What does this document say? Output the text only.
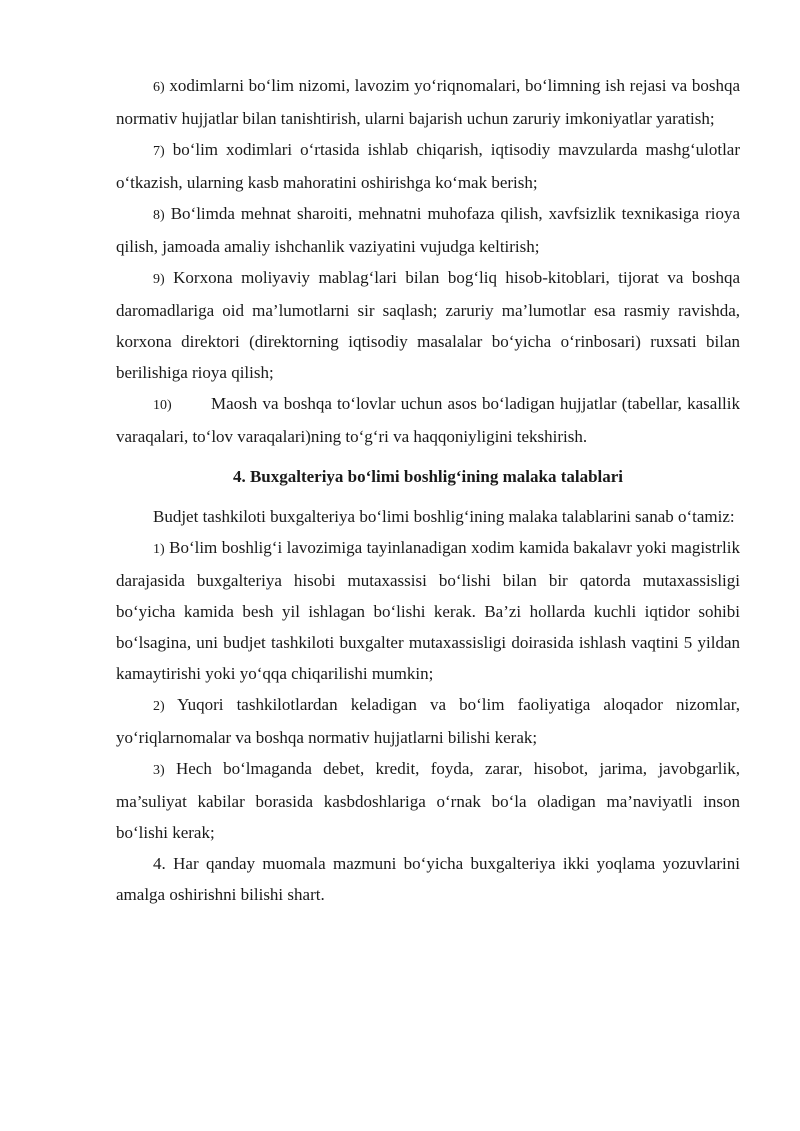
6) xodimlarni bo‘lim nizomi, lavozim yo‘riqnomalari, bo‘limning ish rejasi va boshqa normativ hujjatlar bilan tanishtirish, ularni bajarish uchun zaruriy imkoniyatlar yaratish;

7) bo‘lim xodimlari o‘rtasida ishlab chiqarish, iqtisodiy mavzularda mashg‘ulotlar o‘tkazish, ularning kasb mahoratini oshirishga ko‘mak berish;

8) Bo‘limda mehnat sharoiti, mehnatni muhofaza qilish, xavfsizlik texnikasiga rioya qilish, jamoada amaliy ishchanlik vaziyatini vujudga keltirish;

9) Korxona moliyaviy mablag‘lari bilan bog‘liq hisob-kitoblari, tijorat va boshqa daromadlariga oid ma’lumotlarni sir saqlash; zaruriy ma’lumotlar esa rasmiy ravishda, korxona direktori (direktorning iqtisodiy masalalar bo‘yicha o‘rinbosari) ruxsati bilan berilishiga rioya qilish;

10) Maosh va boshqa to‘lovlar uchun asos bo‘ladigan hujjatlar (tabellar, kasallik varaqalari, to‘lov varaqalari)ning to‘g‘ri va haqqoniyligini tekshirish.

4. Buxgalteriya bo‘limi boshlig‘ining malaka talablari

Budjet tashkiloti buxgalteriya bo‘limi boshlig‘ining malaka talablarini sanab o‘tamiz:

1) Bo‘lim boshlig‘i lavozimiga tayinlanadigan xodim kamida bakalavr yoki magistrlik darajasida buxgalteriya hisobi mutaxassisi bo‘lishi bilan bir qatorda mutaxassisligi bo‘yicha kamida besh yil ishlagan bo‘lishi kerak. Ba’zi hollarda kuchli iqtidor sohibi bo‘lsagina, uni budjet tashkiloti buxgalter mutaxassisligi doirasida ishlash vaqtini 5 yildan kamaytirishi yoki yo‘qqa chiqarilishi mumkin;

2) Yuqori tashkilotlardan keladigan va bo‘lim faoliyatiga aloqador nizomlar, yo‘riqlarnomalar va boshqa normativ hujjatlarni bilishi kerak;

3) Hech bo‘lmaganda debet, kredit, foyda, zarar, hisobot, jarima, javobgarlik, ma’suliyat kabilar borasida kasbdoshlariga o‘rnak bo‘la oladigan ma’naviyatli inson bo‘lishi kerak;

4. Har qanday muomala mazmuni bo‘yicha buxgalteriya ikki yoqlama yozuvlarini amalga oshirishni bilishi shart.
